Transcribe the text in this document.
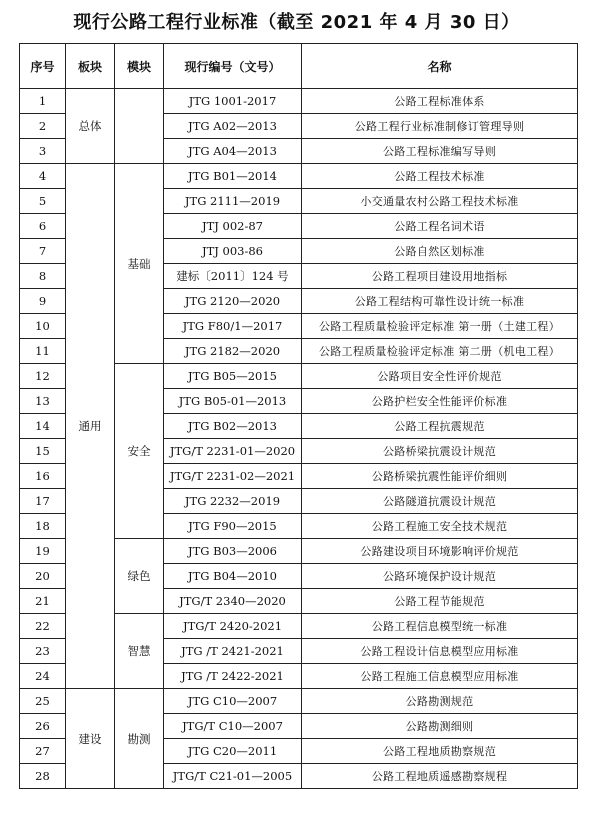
现行公路工程行业标准（截至 2021 年 4 月 30 日）
序号	板块	模块	现行编号（文号）	名称
1	总体		JTG 1001-2017	公路工程标准体系
2			JTG A02—2013	公路工程行业标准制修订管理导则
3			JTG A04—2013	公路工程标准编写导则
4	通用	基础	JTG B01—2014	公路工程技术标准
5			JTG 2111—2019	小交通量农村公路工程技术标准
6			JTJ 002-87	公路工程名词术语
7			JTJ 003-86	公路自然区划标准
8			建标〔2011〕124 号	公路工程项目建设用地指标
9			JTG 2120—2020	公路工程结构可靠性设计统一标准
10			JTG F80/1—2017	公路工程质量检验评定标准 第一册（土建工程）
11			JTG 2182—2020	公路工程质量检验评定标准 第二册（机电工程）
12		安全	JTG B05—2015	公路项目安全性评价规范
13			JTG B05-01—2013	公路护栏安全性能评价标准
14			JTG B02—2013	公路工程抗震规范
15			JTG/T 2231-01—2020	公路桥梁抗震设计规范
16			JTG/T 2231-02—2021	公路桥梁抗震性能评价细则
17			JTG 2232—2019	公路隧道抗震设计规范
18			JTG F90—2015	公路工程施工安全技术规范
19		绿色	JTG B03—2006	公路建设项目环境影响评价规范
20			JTG B04—2010	公路环境保护设计规范
21			JTG/T 2340—2020	公路工程节能规范
22		智慧	JTG/T 2420-2021	公路工程信息模型统一标准
23			JTG /T 2421-2021	公路工程设计信息模型应用标准
24			JTG /T 2422-2021	公路工程施工信息模型应用标准
25	建设	勘测	JTG C10—2007	公路勘测规范
26			JTG/T C10—2007	公路勘测细则
27			JTG C20—2011	公路工程地质勘察规范
28			JTG/T C21-01—2005	公路工程地质遥感勘察规程
